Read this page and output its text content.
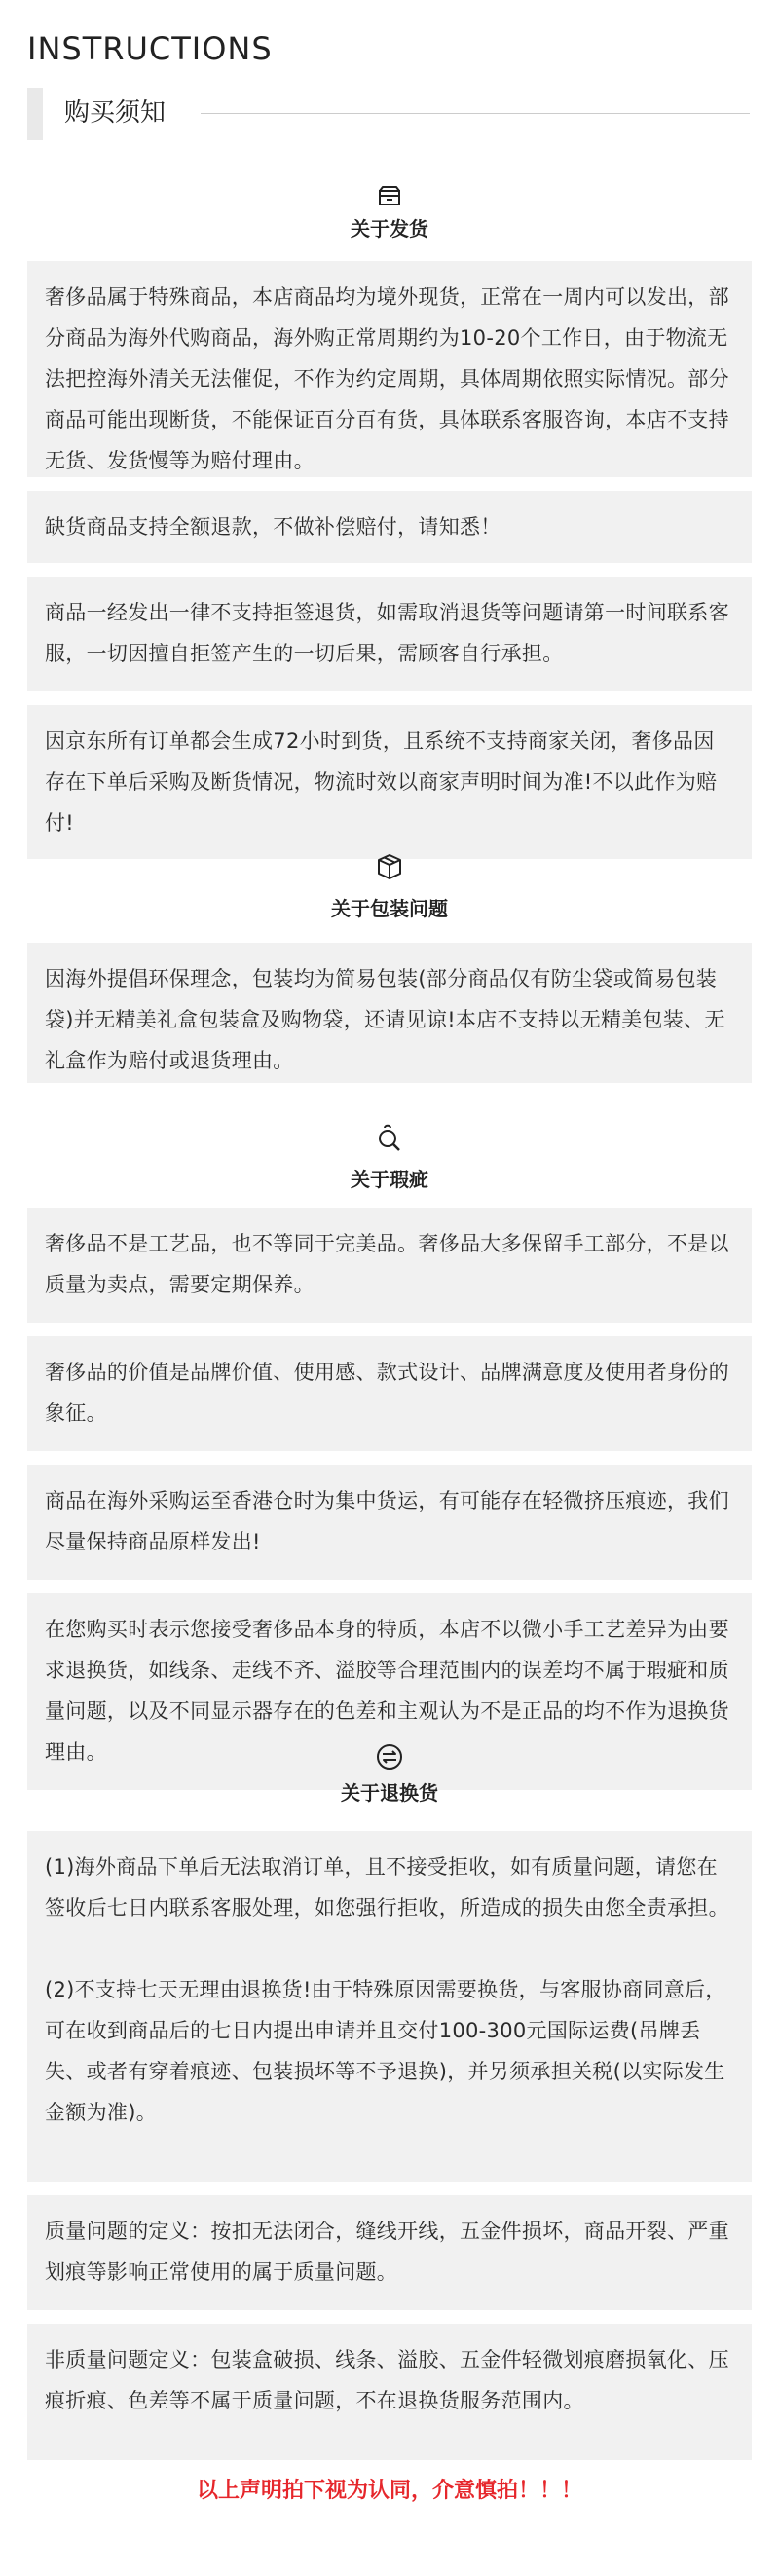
INSTRUCTIONS
购买须知
关于发货

奢侈品属于特殊商品，本店商品均为境外现货，正常在一周内可以发出，部分商品为海外代购商品，海外购正常周期约为10-20个工作日，由于物流无法把控海外清关无法催促，不作为约定周期，具体周期依照实际情况。部分商品可能出现断货，不能保证百分百有货，具体联系客服咨询，本店不支持无货、发货慢等为赔付理由。

缺货商品支持全额退款，不做补偿赔付，请知悉！

商品一经发出一律不支持拒签退货，如需取消退货等问题请第一时间联系客服，一切因擅自拒签产生的一切后果，需顾客自行承担。

因京东所有订单都会生成72小时到货，且系统不支持商家关闭，奢侈品因存在下单后采购及断货情况，物流时效以商家声明时间为准!不以此作为赔付!

关于包装问题

因海外提倡环保理念，包装均为简易包装(部分商品仅有防尘袋或简易包装袋)并无精美礼盒包装盒及购物袋，还请见谅!本店不支持以无精美包装、无礼盒作为赔付或退货理由。

关于瑕疵

奢侈品不是工艺品，也不等同于完美品。奢侈品大多保留手工部分，不是以质量为卖点，需要定期保养。

奢侈品的价值是品牌价值、使用感、款式设计、品牌满意度及使用者身份的象征。

商品在海外采购运至香港仓时为集中货运，有可能存在轻微挤压痕迹，我们尽量保持商品原样发出!

在您购买时表示您接受奢侈品本身的特质，本店不以微小手工艺差异为由要求退换货，如线条、走线不齐、溢胶等合理范围内的误差均不属于瑕疵和质量问题，以及不同显示器存在的色差和主观认为不是正品的均不作为退换货理由。

关于退换货

(1)海外商品下单后无法取消订单，且不接受拒收，如有质量问题，请您在签收后七日内联系客服处理，如您强行拒收，所造成的损失由您全责承担。

(2)不支持七天无理由退换货!由于特殊原因需要换货，与客服协商同意后，可在收到商品后的七日内提出申请并且交付100-300元国际运费(吊牌丢失、或者有穿着痕迹、包装损坏等不予退换)，并另须承担关税(以实际发生金额为准)。

质量问题的定义：按扣无法闭合，缝线开线，五金件损坏，商品开裂、严重划痕等影响正常使用的属于质量问题。

非质量问题定义：包装盒破损、线条、溢胶、五金件轻微划痕磨损氧化、压痕折痕、色差等不属于质量问题，不在退换货服务范围内。

以上声明拍下视为认同，介意慎拍！！！
